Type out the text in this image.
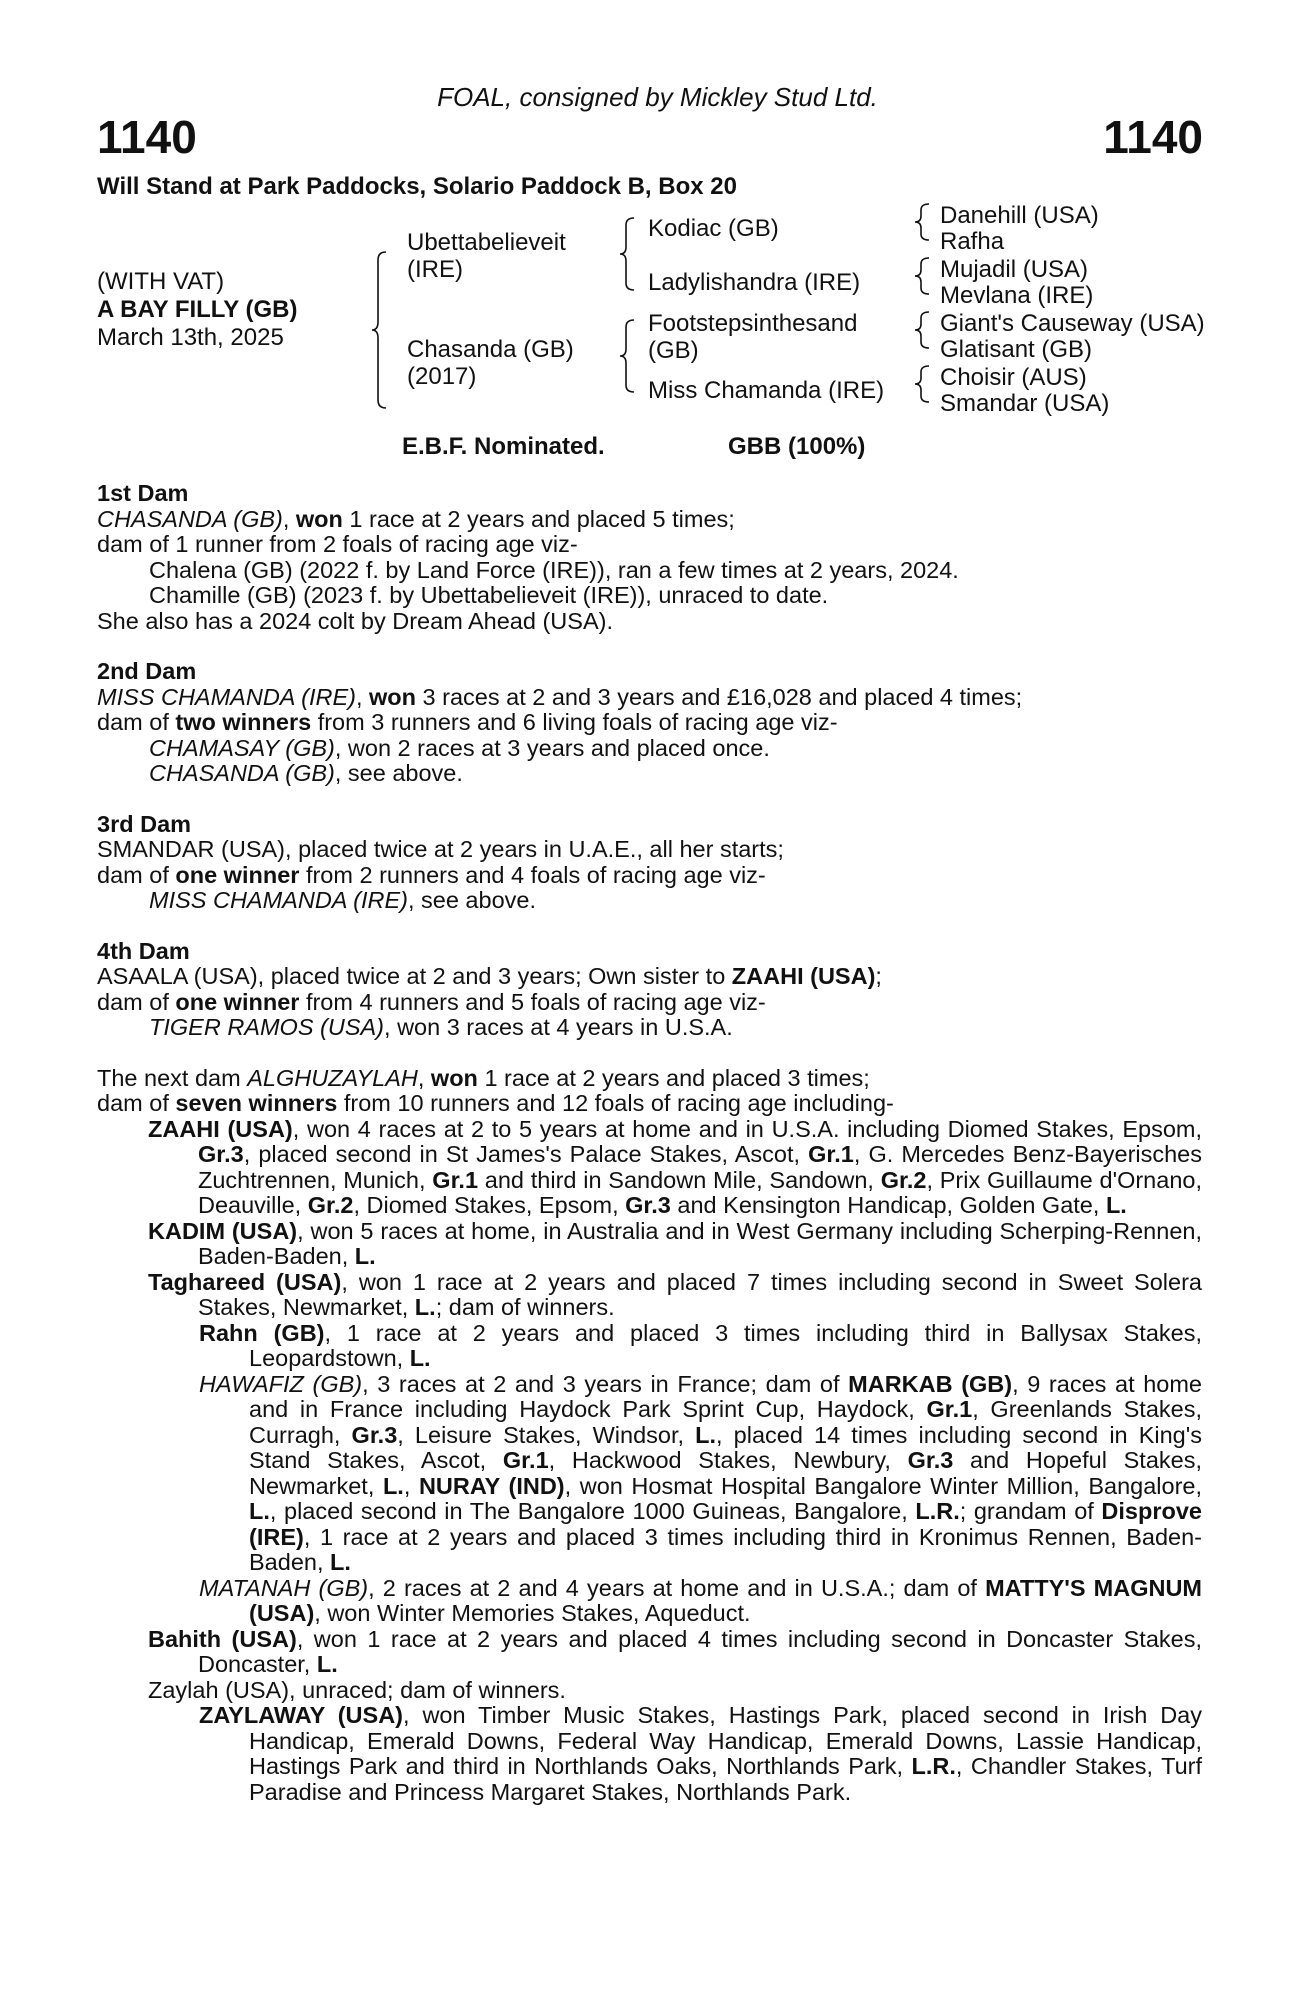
FOAL, consigned by Mickley Stud Ltd.
1140	1140
Will Stand at Park Paddocks, Solario Paddock B, Box 20
(WITH VAT)
A BAY FILLY (GB)
March 13th, 2025
Ubettabelieveit
(IRE)
Chasanda (GB)
(2017)
Kodiac (GB)
Ladylishandra (IRE)
Footstepsinthesand
(GB)
Miss Chamanda (IRE)
Danehill (USA)
Rafha
Mujadil (USA)
Mevlana (IRE)
Giant's Causeway (USA)
Glatisant (GB)
Choisir (AUS)
Smandar (USA)
E.B.F. Nominated.	GBB (100%)

1st Dam

CHASANDA (GB), won 1 race at 2 years and placed 5 times;

dam of 1 runner from 2 foals of racing age viz-

Chalena (GB) (2022 f. by Land Force (IRE)), ran a few times at 2 years, 2024.

Chamille (GB) (2023 f. by Ubettabelieveit (IRE)), unraced to date.

She also has a 2024 colt by Dream Ahead (USA).

2nd Dam

MISS CHAMANDA (IRE), won 3 races at 2 and 3 years and £16,028 and placed 4 times;

dam of two winners from 3 runners and 6 living foals of racing age viz-

CHAMASAY (GB), won 2 races at 3 years and placed once.

CHASANDA (GB), see above.

3rd Dam

SMANDAR (USA), placed twice at 2 years in U.A.E., all her starts;

dam of one winner from 2 runners and 4 foals of racing age viz-

MISS CHAMANDA (IRE), see above.

4th Dam

ASAALA (USA), placed twice at 2 and 3 years; Own sister to ZAAHI (USA);

dam of one winner from 4 runners and 5 foals of racing age viz-

TIGER RAMOS (USA), won 3 races at 4 years in U.S.A.

The next dam ALGHUZAYLAH, won 1 race at 2 years and placed 3 times;

dam of seven winners from 10 runners and 12 foals of racing age including-

ZAAHI (USA), won 4 races at 2 to 5 years at home and in U.S.A. including Diomed Stakes, Epsom, Gr.3, placed second in St James's Palace Stakes, Ascot, Gr.1, G. Mercedes Benz-Bayerisches Zuchtrennen, Munich, Gr.1 and third in Sandown Mile, Sandown, Gr.2, Prix Guillaume d'Ornano, Deauville, Gr.2, Diomed Stakes, Epsom, Gr.3 and Kensington Handicap, Golden Gate, L.

KADIM (USA), won 5 races at home, in Australia and in West Germany including Scherping-Rennen, Baden-Baden, L.

Taghareed (USA), won 1 race at 2 years and placed 7 times including second in Sweet Solera Stakes, Newmarket, L.; dam of winners.

Rahn (GB), 1 race at 2 years and placed 3 times including third in Ballysax Stakes, Leopardstown, L.

HAWAFIZ (GB), 3 races at 2 and 3 years in France; dam of MARKAB (GB), 9 races at home and in France including Haydock Park Sprint Cup, Haydock, Gr.1, Greenlands Stakes, Curragh, Gr.3, Leisure Stakes, Windsor, L., placed 14 times including second in King's Stand Stakes, Ascot, Gr.1, Hackwood Stakes, Newbury, Gr.3 and Hopeful Stakes, Newmarket, L., NURAY (IND), won Hosmat Hospital Bangalore Winter Million, Bangalore, L., placed second in The Bangalore 1000 Guineas, Bangalore, L.R.; grandam of Disprove (IRE), 1 race at 2 years and placed 3 times including third in Kronimus Rennen, Baden-Baden, L.

MATANAH (GB), 2 races at 2 and 4 years at home and in U.S.A.; dam of MATTY'S MAGNUM (USA), won Winter Memories Stakes, Aqueduct.

Bahith (USA), won 1 race at 2 years and placed 4 times including second in Doncaster Stakes, Doncaster, L.

Zaylah (USA), unraced; dam of winners.

ZAYLAWAY (USA), won Timber Music Stakes, Hastings Park, placed second in Irish Day Handicap, Emerald Downs, Federal Way Handicap, Emerald Downs, Lassie Handicap, Hastings Park and third in Northlands Oaks, Northlands Park, L.R., Chandler Stakes, Turf Paradise and Princess Margaret Stakes, Northlands Park.
